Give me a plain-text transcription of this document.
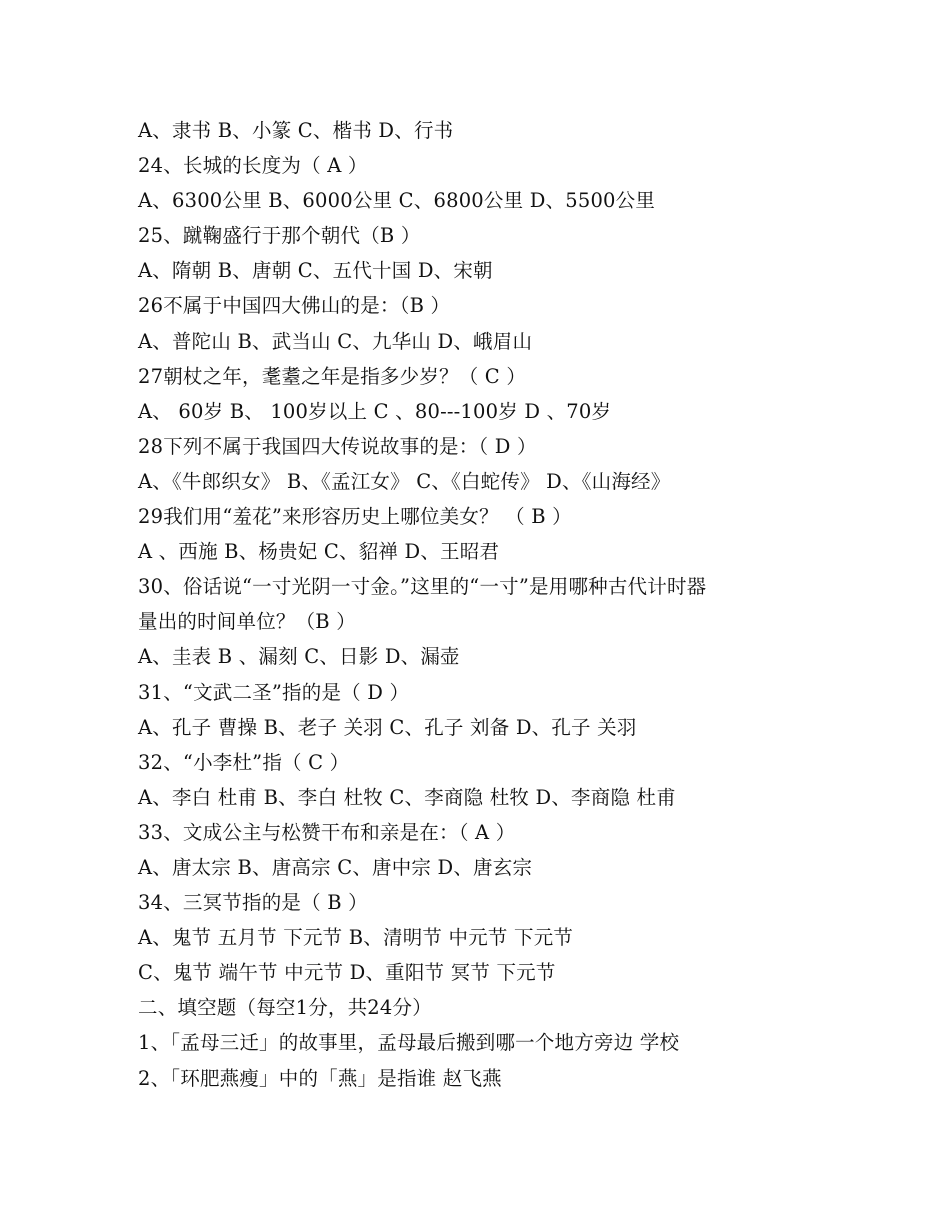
A、隶书 B、小篆 C、楷书 D、行书

24、长城的长度为（ A ）

A、6300公里 B、6000公里 C、6800公里 D、5500公里

25、蹴鞠盛行于那个朝代（B ）

A、隋朝 B、唐朝 C、五代十国 D、宋朝

26不属于中国四大佛山的是：（B ）

A、普陀山 B、武当山 C、九华山 D、峨眉山

27朝杖之年，耄耋之年是指多少岁？（ C ）

A、 60岁 B、 100岁以上 C 、80---100岁 D 、70岁

28下列不属于我国四大传说故事的是：（ D ）

A、《牛郎织女》 B、《孟江女》 C、《白蛇传》 D、《山海经》

29我们用“羞花”来形容历史上哪位美女？ （ B ）

A 、西施 B、杨贵妃 C、貂禅 D、王昭君

30、俗话说“一寸光阴一寸金。”这里的“一寸”是用哪种古代计时器

量出的时间单位？（B ）

A、圭表 B 、漏刻 C、日影 D、漏壶

31、“文武二圣”指的是（ D ）

A、孔子 曹操 B、老子 关羽 C、孔子 刘备 D、孔子 关羽

32、“小李杜”指（ C ）

A、李白 杜甫 B、李白 杜牧 C、李商隐 杜牧 D、李商隐 杜甫

33、文成公主与松赞干布和亲是在：（ A ）

A、唐太宗 B、唐高宗 C、唐中宗 D、唐玄宗

34、三冥节指的是（ B ）

A、鬼节 五月节 下元节 B、清明节 中元节 下元节

C、鬼节 端午节 中元节 D、重阳节 冥节 下元节

二、填空题（每空1分，共24分）

1、「孟母三迁」的故事里，孟母最后搬到哪一个地方旁边 学校

2、「环肥燕瘦」中的「燕」是指谁 赵飞燕
